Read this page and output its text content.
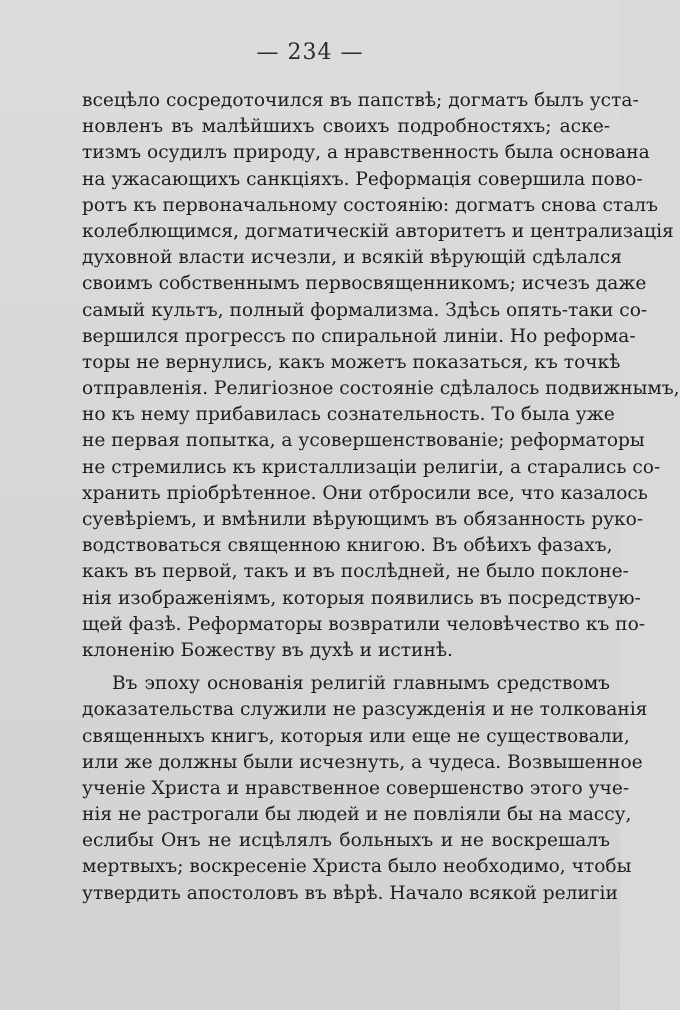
— 234 —
всецѣло сосредоточился въ папствѣ; догматъ былъ уста-
новленъ въ малѣйшихъ своихъ подробностяхъ; аске-
тизмъ осудилъ природу, а нравственность была основана
на ужасающихъ санкціяхъ. Реформація совершила пово-
ротъ къ первоначальному состоянію: догматъ снова сталъ
колеблющимся, догматическій авторитетъ и централизація
духовной власти исчезли, и всякій вѣрующій сдѣлался
своимъ собственнымъ первосвященникомъ; исчезъ даже
самый культъ, полный формализма. Здѣсь опять-таки со-
вершился прогрессъ по спиральной линіи. Но реформа-
торы не вернулись, какъ можетъ показаться, къ точкѣ
отправленія. Религіозное состояніе сдѣлалось подвижнымъ,
но къ нему прибавилась сознательность. То была уже
не первая попытка, а усовершенствованіе; реформаторы
не стремились къ кристаллизаціи религіи, а старались со-
хранить пріобрѣтенное. Они отбросили все, что казалось
суевѣріемъ, и вмѣнили вѣрующимъ въ обязанность руко-
водствоваться священною книгою. Въ обѣихъ фазахъ,
какъ въ первой, такъ и въ послѣдней, не было поклоне-
нія изображеніямъ, которыя появились въ посредствую-
щей фазѣ. Реформаторы возвратили человѣчество къ по-
клоненію Божеству въ духѣ и истинѣ.
Въ эпоху основанія религій главнымъ средствомъ
доказательства служили не разсужденія и не толкованія
священныхъ книгъ, которыя или еще не существовали,
или же должны были исчезнуть, а чудеса. Возвышенное
ученіе Христа и нравственное совершенство этого уче-
нія не растрогали бы людей и не повліяли бы на массу,
еслибы Онъ не исцѣлялъ больныхъ и не воскрешалъ
мертвыхъ; воскресеніе Христа было необходимо, чтобы
утвердить апостоловъ въ вѣрѣ. Начало всякой религіи
